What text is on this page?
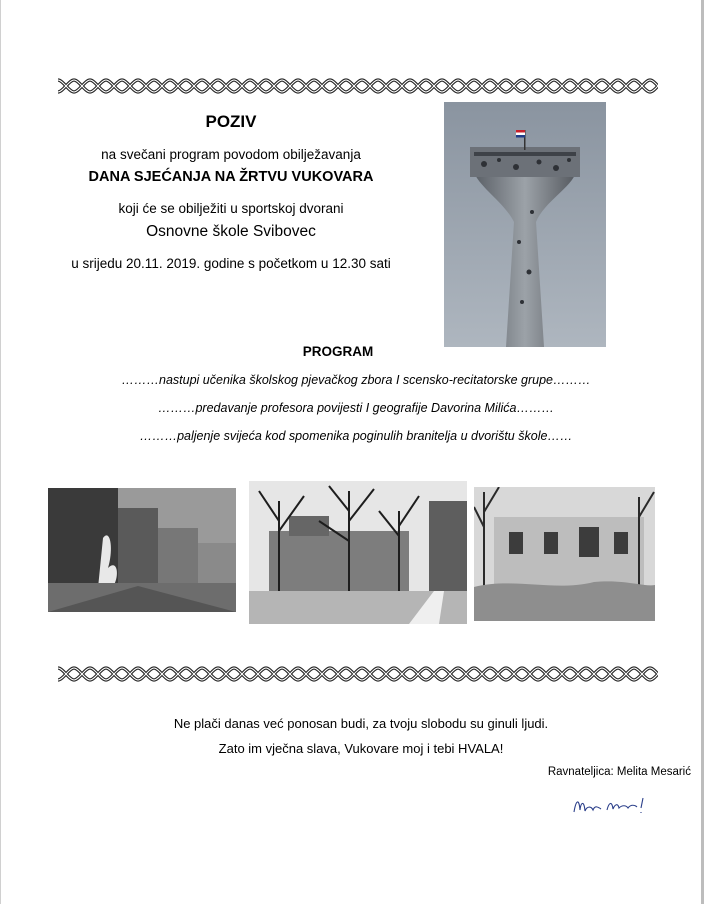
POZIV
na svečani program povodom obilježavanja
DANA SJEĆANJA NA ŽRTVU VUKOVARA
koji će se obilježiti u sportskoj dvorani
Osnovne škole Svibovec
u srijedu 20.11. 2019. godine s početkom u 12.30 sati
PROGRAM
………nastupi učenika školskog pjevačkog zbora I scensko-recitatorske grupe………
………predavanje profesora povijesti I geografije Davorina Milića………
………paljenje svijeća kod spomenika poginulih branitelja u dvorištu škole……
Ne plači danas već ponosan budi, za tvoju slobodu su ginuli ljudi.
Zato im vječna slava, Vukovare moj i tebi HVALA!
Ravnateljica: Melita Mesarić
